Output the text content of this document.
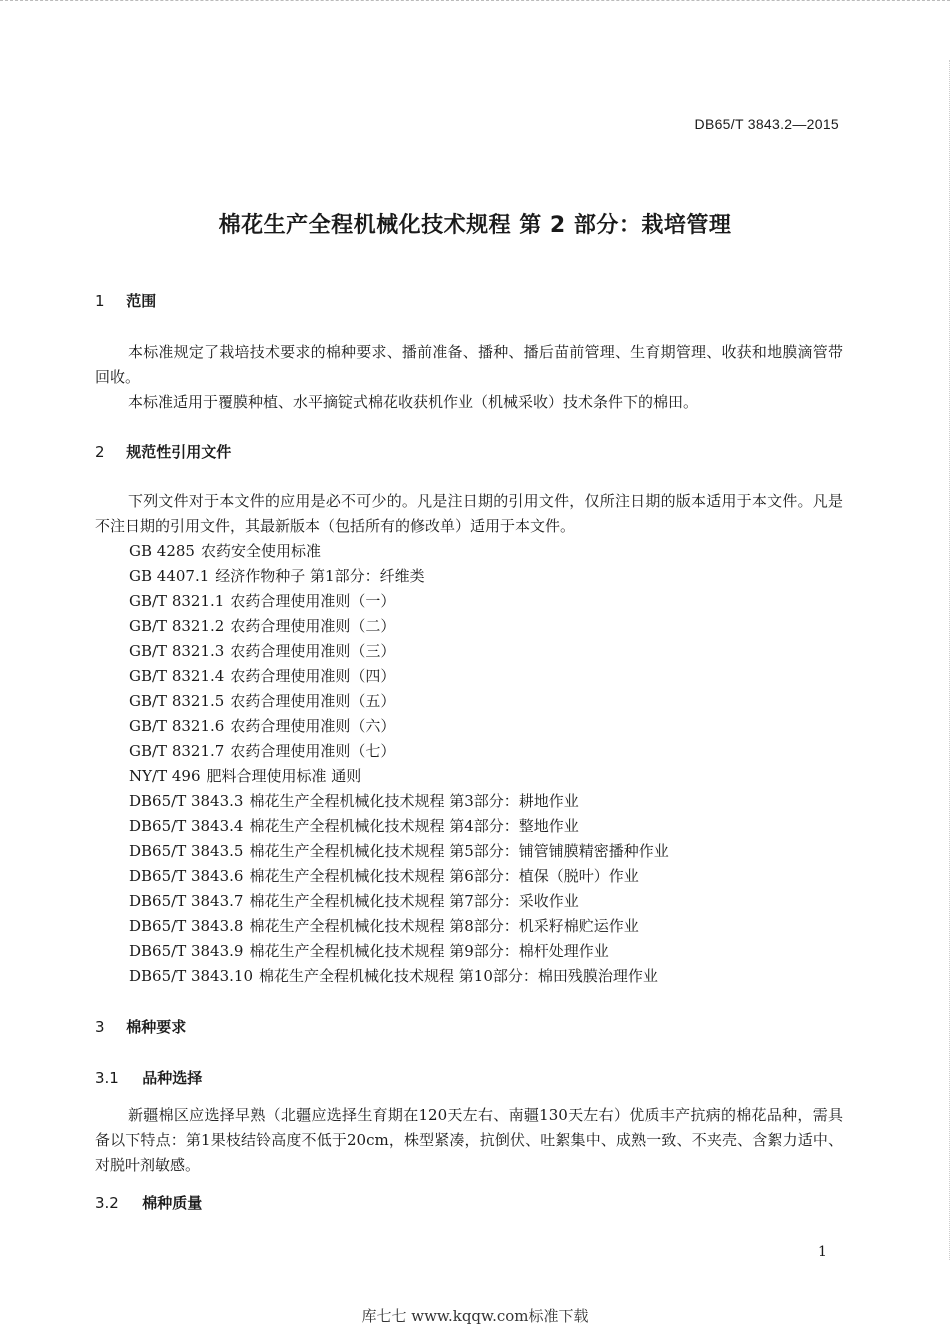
DB65/T 3843.2—2015
棉花生产全程机械化技术规程 第 2 部分：栽培管理
1 范围
本标准规定了栽培技术要求的棉种要求、播前准备、播种、播后苗前管理、生育期管理、收获和地膜滴管带回收。
本标准适用于覆膜种植、水平摘锭式棉花收获机作业（机械采收）技术条件下的棉田。
2 规范性引用文件
下列文件对于本文件的应用是必不可少的。凡是注日期的引用文件，仅所注日期的版本适用于本文件。凡是不注日期的引用文件，其最新版本（包括所有的修改单）适用于本文件。
GB 4285 农药安全使用标准
GB 4407.1 经济作物种子 第1部分：纤维类
GB/T 8321.1 农药合理使用准则（一）
GB/T 8321.2 农药合理使用准则（二）
GB/T 8321.3 农药合理使用准则（三）
GB/T 8321.4 农药合理使用准则（四）
GB/T 8321.5 农药合理使用准则（五）
GB/T 8321.6 农药合理使用准则（六）
GB/T 8321.7 农药合理使用准则（七）
NY/T 496 肥料合理使用标准 通则
DB65/T 3843.3 棉花生产全程机械化技术规程 第3部分：耕地作业
DB65/T 3843.4 棉花生产全程机械化技术规程 第4部分：整地作业
DB65/T 3843.5 棉花生产全程机械化技术规程 第5部分：铺管铺膜精密播种作业
DB65/T 3843.6 棉花生产全程机械化技术规程 第6部分：植保（脱叶）作业
DB65/T 3843.7 棉花生产全程机械化技术规程 第7部分：采收作业
DB65/T 3843.8 棉花生产全程机械化技术规程 第8部分：机采籽棉贮运作业
DB65/T 3843.9 棉花生产全程机械化技术规程 第9部分：棉杆处理作业
DB65/T 3843.10 棉花生产全程机械化技术规程 第10部分：棉田残膜治理作业
3 棉种要求
3.1 品种选择
新疆棉区应选择早熟（北疆应选择生育期在120天左右、南疆130天左右）优质丰产抗病的棉花品种，需具备以下特点：第1果枝结铃高度不低于20cm，株型紧凑，抗倒伏、吐絮集中、成熟一致、不夹壳、含絮力适中、对脱叶剂敏感。
3.2 棉种质量
1
库七七 www.kqqw.com标准下载
